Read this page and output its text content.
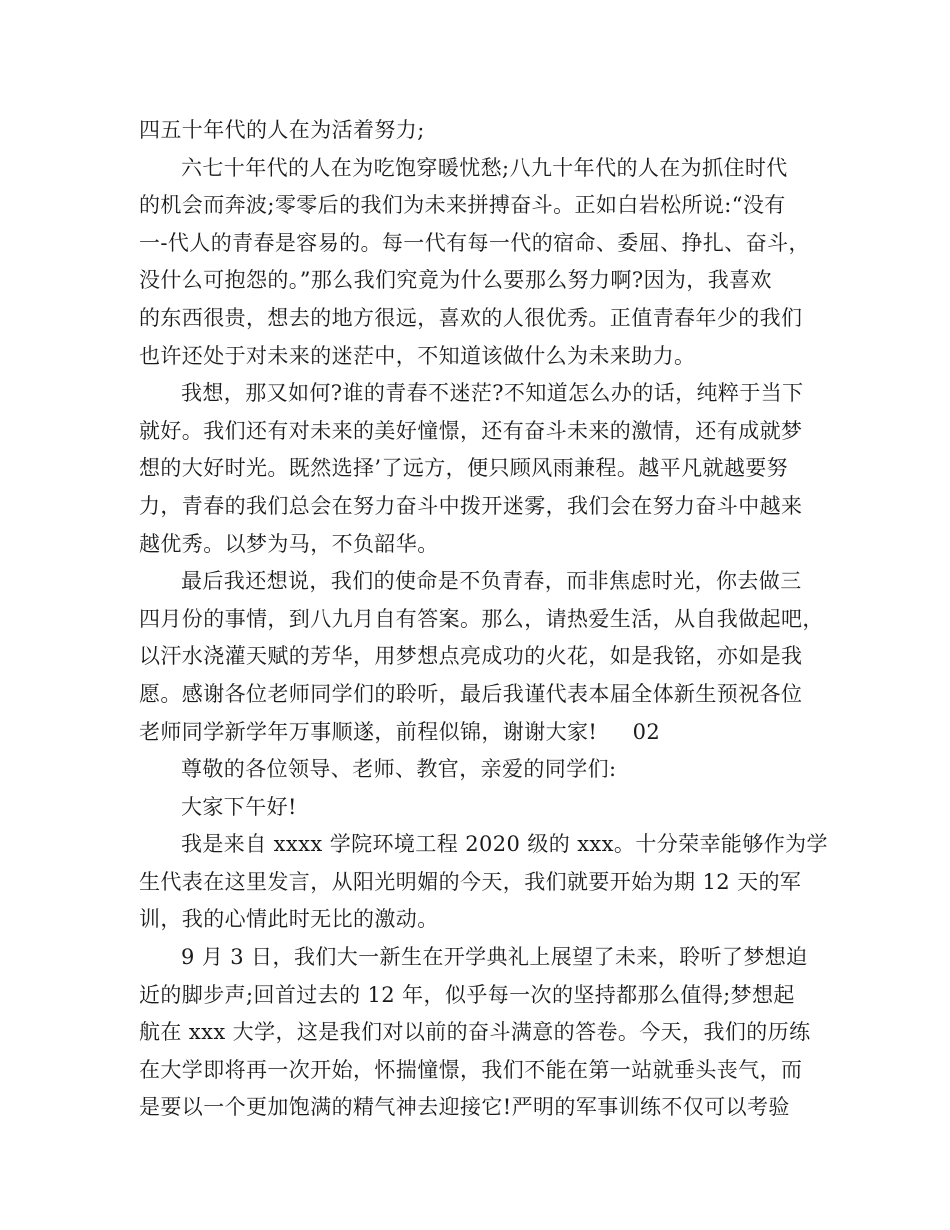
四五十年代的人在为活着努力;
六七十年代的人在为吃饱穿暖忧愁;八九十年代的人在为抓住时代
的机会而奔波;零零后的我们为未来拼搏奋斗。正如白岩松所说:“没有
一-代人的青春是容易的。每一代有每一代的宿命、委屈、挣扎、奋斗，
没什么可抱怨的。”那么我们究竟为什么要那么努力啊?因为，我喜欢
的东西很贵，想去的地方很远，喜欢的人很优秀。正值青春年少的我们
也许还处于对未来的迷茫中，不知道该做什么为未来助力。
我想，那又如何?谁的青春不迷茫?不知道怎么办的话，纯粹于当下
就好。我们还有对未来的美好憧憬，还有奋斗未来的激情，还有成就梦
想的大好时光。既然选择’了远方，便只顾风雨兼程。越平凡就越要努
力，青春的我们总会在努力奋斗中拨开迷雾，我们会在努力奋斗中越来
越优秀。以梦为马，不负韶华。
最后我还想说，我们的使命是不负青春，而非焦虑时光，你去做三
四月份的事情，到八九月自有答案。那么，请热爱生活，从自我做起吧，
以汗水浇灌天赋的芳华，用梦想点亮成功的火花，如是我铭，亦如是我
愿。感谢各位老师同学们的聆听，最后我谨代表本届全体新生预祝各位
老师同学新学年万事顺遂，前程似锦，谢谢大家!     02
尊敬的各位领导、老师、教官，亲爱的同学们:
大家下午好!
我是来自 xxxx 学院环境工程 2020 级的 xxx。十分荣幸能够作为学
生代表在这里发言，从阳光明媚的今天，我们就要开始为期 12 天的军
训，我的心情此时无比的激动。
9 月 3 日，我们大一新生在开学典礼上展望了未来，聆听了梦想迫
近的脚步声;回首过去的 12 年，似乎每一次的坚持都那么值得;梦想起
航在 xxx 大学，这是我们对以前的奋斗满意的答卷。今天，我们的历练
在大学即将再一次开始，怀揣憧憬，我们不能在第一站就垂头丧气，而
是要以一个更加饱满的精气神去迎接它!严明的军事训练不仅可以考验
